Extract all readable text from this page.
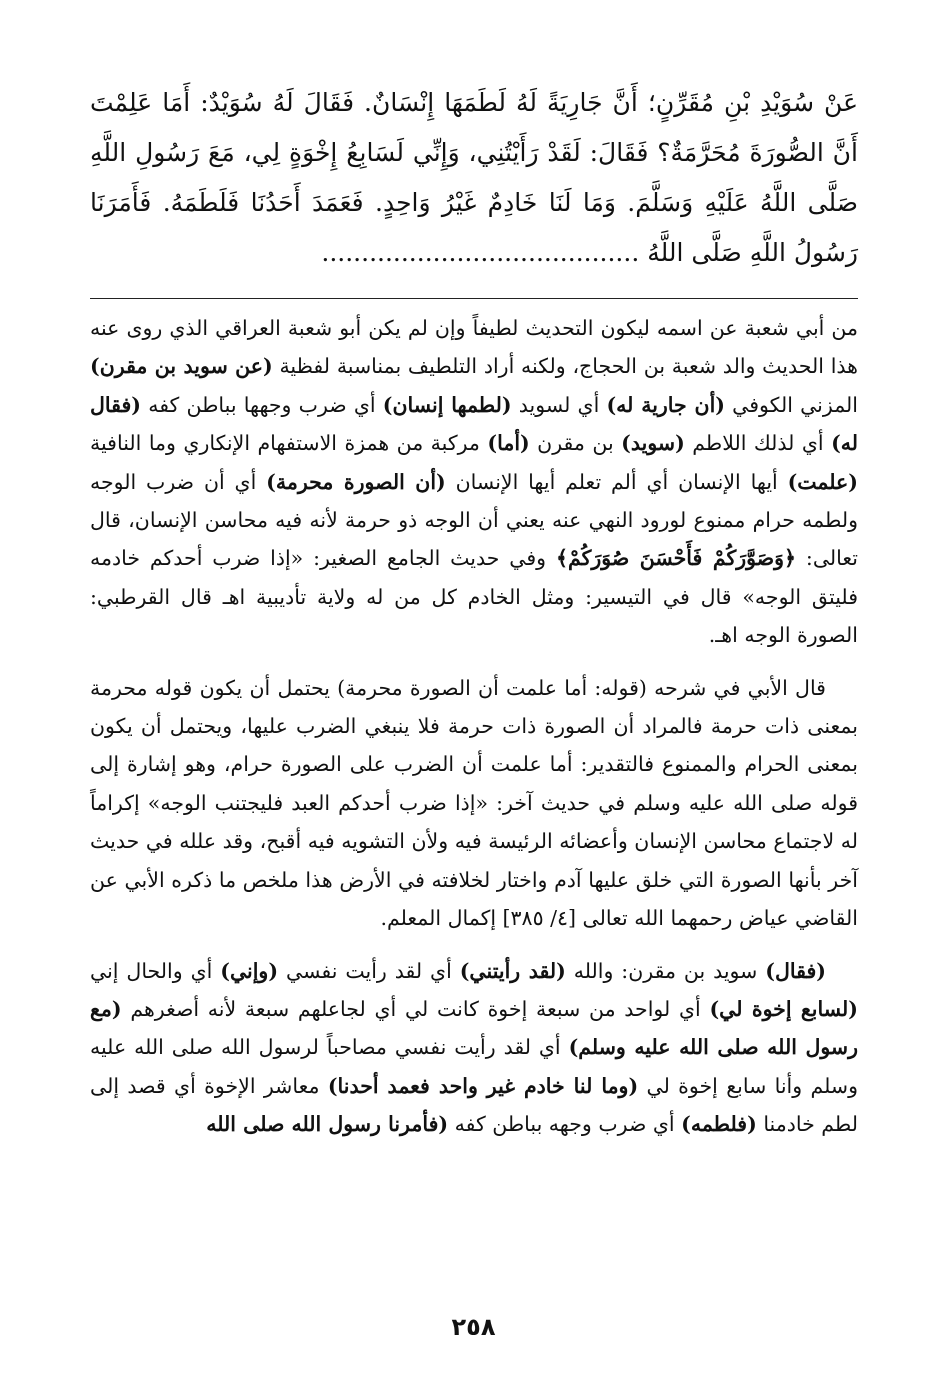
عَنْ سُوَيْدِ بْنِ مُقَرِّنٍ؛ أَنَّ جَارِيَةً لَهُ لَطَمَهَا إِنْسَانٌ. فَقَالَ لَهُ سُوَيْدٌ: أَمَا عَلِمْتَ أَنَّ الصُّورَةَ مُحَرَّمَةٌ؟ فَقَالَ: لَقَدْ رَأَيْتُنِي، وَإِنِّي لَسَابِعُ إِخْوَةٍ لِي، مَعَ رَسُولِ اللَّهِ صَلَّى اللَّهُ عَلَيْهِ وَسَلَّمَ. وَمَا لَنَا خَادِمٌ غَيْرُ وَاحِدٍ. فَعَمَدَ أَحَدُنَا فَلَطَمَهُ. فَأَمَرَنَا رَسُولُ اللَّهِ صَلَّى اللَّهُ ........................................

من أبي شعبة عن اسمه ليكون التحديث لطيفاً وإن لم يكن أبو شعبة العراقي الذي روى عنه هذا الحديث والد شعبة بن الحجاج، ولكنه أراد التلطيف بمناسبة لفظية (عن سويد بن مقرن) المزني الكوفي (أن جارية له) أي لسويد (لطمها إنسان) أي ضرب وجهها بباطن كفه (فقال له) أي لذلك اللاطم (سويد) بن مقرن (أما) مركبة من همزة الاستفهام الإنكاري وما النافية (علمت) أيها الإنسان أي ألم تعلم أيها الإنسان (أن الصورة محرمة) أي أن ضرب الوجه ولطمه حرام ممنوع لورود النهي عنه يعني أن الوجه ذو حرمة لأنه فيه محاسن الإنسان، قال تعالى: ﴿وَصَوَّرَكُمْ فَأَحْسَنَ صُوَرَكُمْ﴾ وفي حديث الجامع الصغير: «إذا ضرب أحدكم خادمه فليتق الوجه» قال في التيسير: ومثل الخادم كل من له ولاية تأديبية اهـ قال القرطبي: الصورة الوجه اهـ.

قال الأبي في شرحه (قوله: أما علمت أن الصورة محرمة) يحتمل أن يكون قوله محرمة بمعنى ذات حرمة فالمراد أن الصورة ذات حرمة فلا ينبغي الضرب عليها، ويحتمل أن يكون بمعنى الحرام والممنوع فالتقدير: أما علمت أن الضرب على الصورة حرام، وهو إشارة إلى قوله صلى الله عليه وسلم في حديث آخر: «إذا ضرب أحدكم العبد فليجتنب الوجه» إكراماً له لاجتماع محاسن الإنسان وأعضائه الرئيسة فيه ولأن التشويه فيه أقبح، وقد علله في حديث آخر بأنها الصورة التي خلق عليها آدم واختار لخلافته في الأرض هذا ملخص ما ذكره الأبي عن القاضي عياض رحمهما الله تعالى [٤/ ٣٨٥] إكمال المعلم.

(فقال) سويد بن مقرن: والله (لقد رأيتني) أي لقد رأيت نفسي (وإني) أي والحال إني (لسابع إخوة لي) أي لواحد من سبعة إخوة كانت لي أي لجاعلهم سبعة لأنه أصغرهم (مع رسول الله صلى الله عليه وسلم) أي لقد رأيت نفسي مصاحباً لرسول الله صلى الله عليه وسلم وأنا سابع إخوة لي (وما لنا خادم غير واحد فعمد أحدنا) معاشر الإخوة أي قصد إلى لطم خادمنا (فلطمه) أي ضرب وجهه بباطن كفه (فأمرنا رسول الله صلى الله

٢٥٨
